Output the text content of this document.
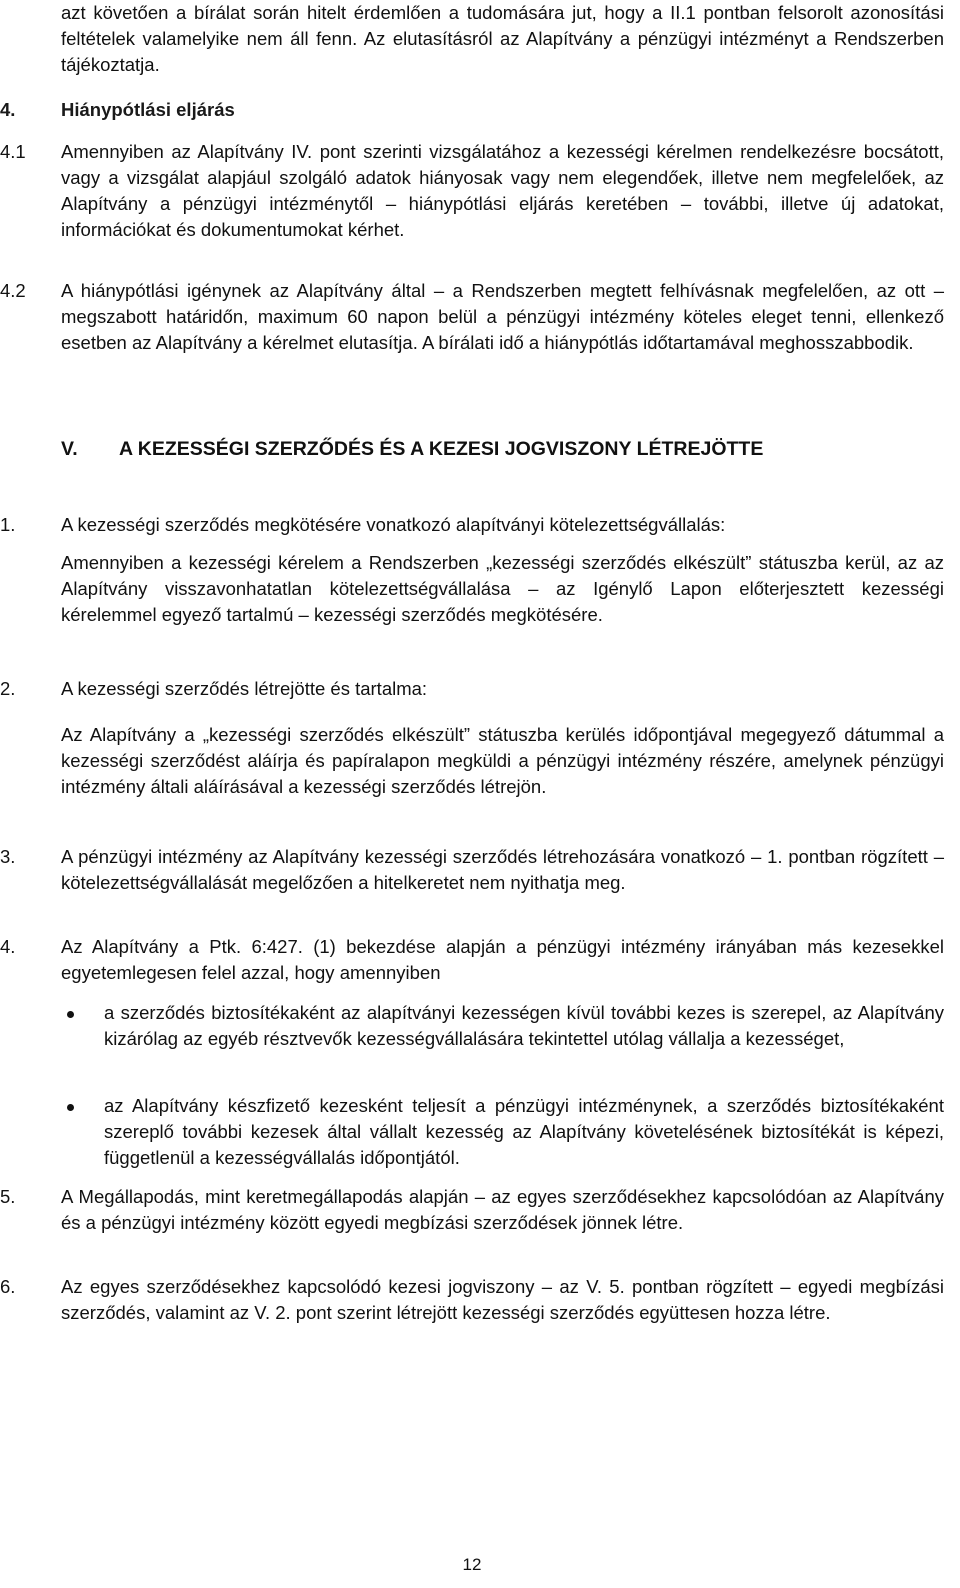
azt követően a bírálat során hitelt érdemlően a tudomására jut, hogy a II.1 pontban felsorolt azonosítási feltételek valamelyike nem áll fenn. Az elutasításról az Alapítvány a pénzügyi intézményt a Rendszerben tájékoztatja.

4. Hiánypótlási eljárás

4.1 Amennyiben az Alapítvány IV. pont szerinti vizsgálatához a kezességi kérelmen rendelkezésre bocsátott, vagy a vizsgálat alapjául szolgáló adatok hiányosak vagy nem elegendőek, illetve nem megfelelőek, az Alapítvány a pénzügyi intézménytől – hiánypótlási eljárás keretében – további, illetve új adatokat, információkat és dokumentumokat kérhet.

4.2 A hiánypótlási igénynek az Alapítvány által – a Rendszerben megtett felhívásnak megfelelően, az ott – megszabott határidőn, maximum 60 napon belül a pénzügyi intézmény köteles eleget tenni, ellenkező esetben az Alapítvány a kérelmet elutasítja. A bírálati idő a hiánypótlás időtartamával meghosszabbodik.

V. A KEZESSÉGI SZERZŐDÉS ÉS A KEZESI JOGVISZONY LÉTREJÖTTE
1. A kezességi szerződés megkötésére vonatkozó alapítványi kötelezettségvállalás:

Amennyiben a kezességi kérelem a Rendszerben „kezességi szerződés elkészült” státuszba kerül, az az Alapítvány visszavonhatatlan kötelezettségvállalása – az Igénylő Lapon előterjesztett kezességi kérelemmel egyező tartalmú – kezességi szerződés megkötésére.

2. A kezességi szerződés létrejötte és tartalma:

Az Alapítvány a „kezességi szerződés elkészült” státuszba kerülés időpontjával megegyező dátummal a kezességi szerződést aláírja és papíralapon megküldi a pénzügyi intézmény részére, amelynek pénzügyi intézmény általi aláírásával a kezességi szerződés létrejön.

3. A pénzügyi intézmény az Alapítvány kezességi szerződés létrehozására vonatkozó – 1. pontban rögzített – kötelezettségvállalását megelőzően a hitelkeretet nem nyithatja meg.

4. Az Alapítvány a Ptk. 6:427. (1) bekezdése alapján a pénzügyi intézmény irányában más kezesekkel egyetemlegesen felel azzal, hogy amennyiben

a szerződés biztosítékaként az alapítványi kezességen kívül további kezes is szerepel, az Alapítvány kizárólag az egyéb résztvevők kezességvállalására tekintettel utólag vállalja a kezességet,

az Alapítvány készfizető kezesként teljesít a pénzügyi intézménynek, a szerződés biztosítékaként szereplő további kezesek által vállalt kezesség az Alapítvány követelésének biztosítékát is képezi, függetlenül a kezességvállalás időpontjától.

5. A Megállapodás, mint keretmegállapodás alapján – az egyes szerződésekhez kapcsolódóan az Alapítvány és a pénzügyi intézmény között egyedi megbízási szerződések jönnek létre.

6. Az egyes szerződésekhez kapcsolódó kezesi jogviszony – az V. 5. pontban rögzített – egyedi megbízási szerződés, valamint az V. 2. pont szerint létrejött kezességi szerződés együttesen hozza létre.

12
